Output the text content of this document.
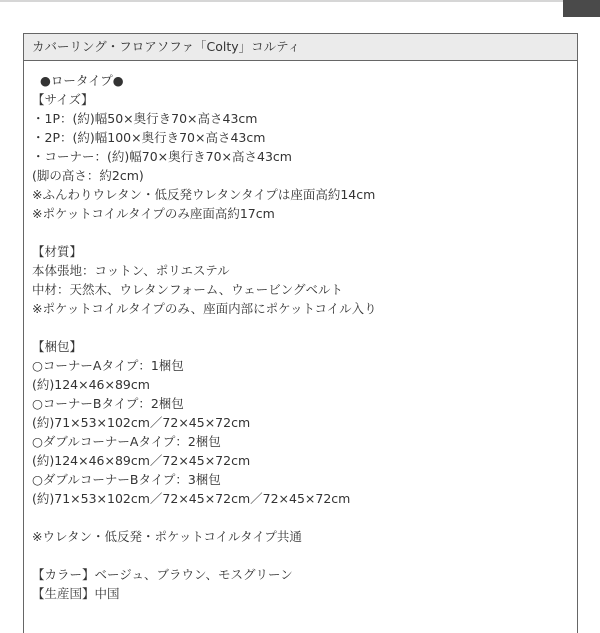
カバーリング・フロアソファ「Colty」コルティ
●ロータイプ●
【サイズ】
・1P：(約)幅50×奥行き70×高さ43cm
・2P：(約)幅100×奥行き70×高さ43cm
・コーナー：(約)幅70×奥行き70×高さ43cm
(脚の高さ：約2cm)
※ふんわりウレタン・低反発ウレタンタイプは座面高約14cm
※ポケットコイルタイプのみ座面高約17cm
【材質】
本体張地：コットン、ポリエステル
中材：天然木、ウレタンフォーム、ウェービングベルト
※ポケットコイルタイプのみ、座面内部にポケットコイル入り
【梱包】
○コーナーAタイプ：1梱包
(約)124×46×89cm
○コーナーBタイプ：2梱包
(約)71×53×102cm／72×45×72cm
○ダブルコーナーAタイプ：2梱包
(約)124×46×89cm／72×45×72cm
○ダブルコーナーBタイプ：3梱包
(約)71×53×102cm／72×45×72cm／72×45×72cm
※ウレタン・低反発・ポケットコイルタイプ共通
【カラー】ベージュ、ブラウン、モスグリーン
【生産国】中国
